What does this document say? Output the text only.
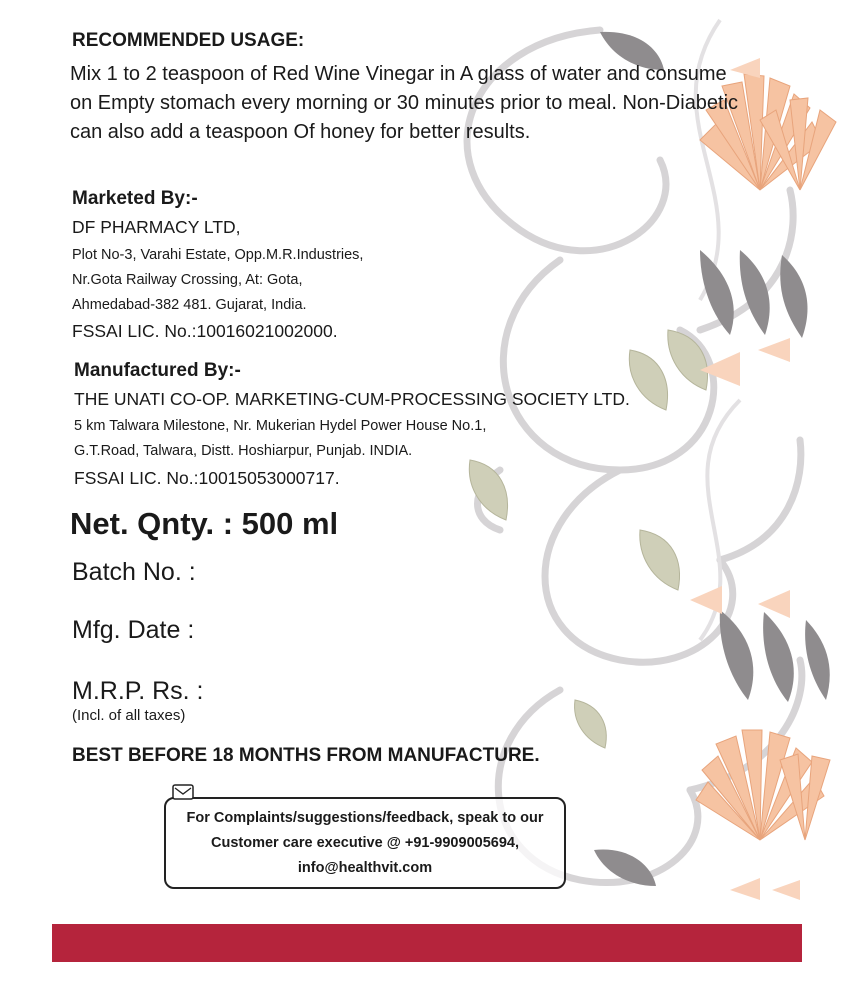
RECOMMENDED USAGE:
Mix 1 to 2 teaspoon of Red Wine Vinegar in A glass of water and consume on Empty stomach every morning or 30 minutes prior to meal. Non-Diabetic can also add a teaspoon Of honey for better results.
Marketed By:-
DF PHARMACY LTD,
Plot No-3, Varahi Estate, Opp.M.R.Industries,
Nr.Gota Railway Crossing, At: Gota,
Ahmedabad-382 481. Gujarat, India.
FSSAI LIC. No.:10016021002000.
Manufactured By:-
THE UNATI CO-OP. MARKETING-CUM-PROCESSING SOCIETY LTD.
5 km Talwara Milestone, Nr. Mukerian Hydel Power House No.1,
G.T.Road, Talwara, Distt. Hoshiarpur, Punjab. INDIA.
FSSAI LIC. No.:10015053000717.
Net. Qnty. : 500 ml
Batch No. :
Mfg. Date :
M.R.P. Rs. :
(Incl. of all taxes)
BEST BEFORE 18 MONTHS FROM MANUFACTURE.
For Complaints/suggestions/feedback, speak to our
Customer care executive @ +91-9909005694,
info@healthvit.com
